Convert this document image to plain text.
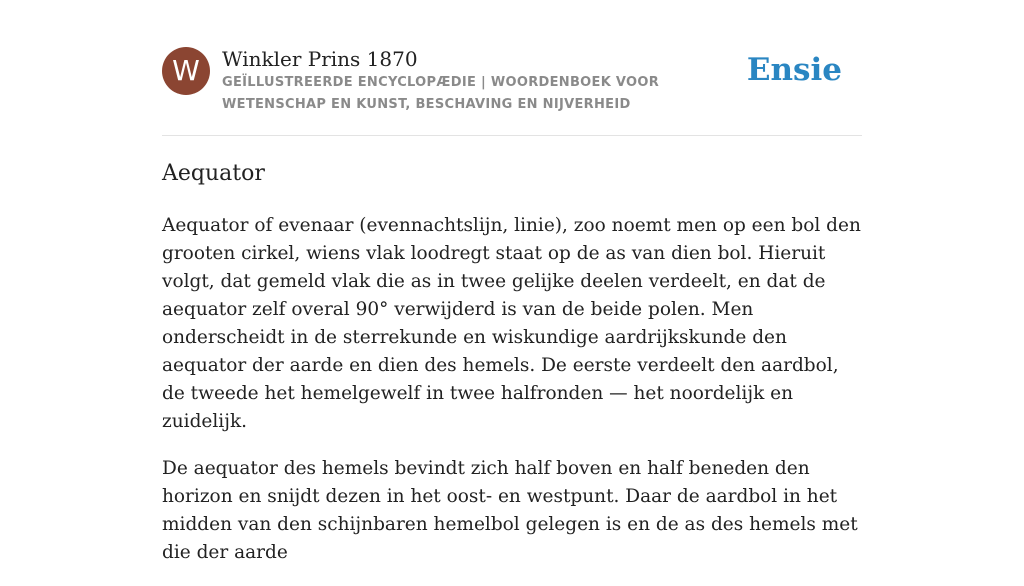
W	Winkler Prins 1870
GEÏLLUSTREERDE ENCYCLOPÆDIE | WOORDENBOEK VOOR WETENSCHAP EN KUNST, BESCHAVING EN NIJVERHEID
Ensie
Aequator

Aequator of evenaar (evennachtslijn, linie), zoo noemt men op een bol den grooten cirkel, wiens vlak loodregt staat op de as van dien bol. Hieruit volgt, dat gemeld vlak die as in twee gelijke deelen verdeelt, en dat de aequator zelf overal 90° verwijderd is van de beide polen. Men onderscheidt in de sterrekunde en wiskundige aardrijkskunde den aequator der aarde en dien des hemels. De eerste verdeelt den aardbol, de tweede het hemelgewelf in twee halfronden — het noordelijk en zuidelijk.

De aequator des hemels bevindt zich half boven en half beneden den horizon en snijdt dezen in het oost- en westpunt. Daar de aardbol in het midden van den schijnbaren hemelbol gelegen is en de as des hemels met die der aarde
